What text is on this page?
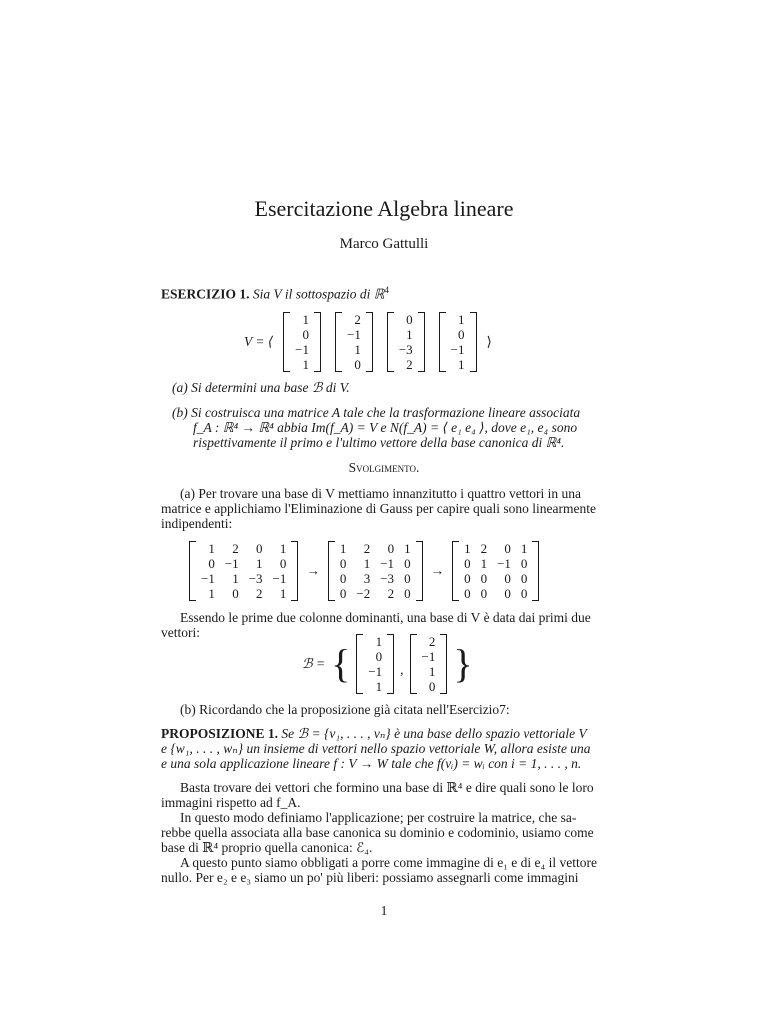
Esercitazione Algebra lineare
Marco Gattulli
ESERCIZIO 1. Sia V il sottospazio di ℝ$^4$
V = ⟨
1
0
−1
1
2
−1
1
0
0
1
−3
2
1
0
−1
1
⟩
(a) Si determini una base ℬ di V.
(b) Si costruisca una matrice A tale che la trasformazione lineare associata
f_A : ℝ⁴ → ℝ⁴ abbia Im(f_A) = V e N(f_A) = ⟨ e₁ e₄ ⟩, dove e₁, e₄ sono
rispettivamente il primo e l'ultimo vettore della base canonica di ℝ⁴.
Svolgimento.
(a) Per trovare una base di V mettiamo innanzitutto i quattro vettori in una
matrice e applichiamo l'Eliminazione di Gauss per capire quali sono linearmente
indipendenti:
1	2	0	1
0	−1	1	0
−1	1	−3	−1
1	0	2	1
→
1	2	0	1
0	1	−1	0
0	3	−3	0
0	−2	2	0
→
1	2	0	1
0	1	−1	0
0	0	0	0
0	0	0	0
Essendo le prime due colonne dominanti, una base di V è data dai primi due
vettori:
ℬ = { 1
0
−1
1
,
2
−1
1
0
}
(b) Ricordando che la proposizione già citata nell'Esercizio7:
PROPOSIZIONE 1. Se ℬ = {v₁, . . . , vₙ} è una base dello spazio vettoriale V
e {w₁, . . . , wₙ} un insieme di vettori nello spazio vettoriale W, allora esiste una
e una sola applicazione lineare f : V → W tale che f(vᵢ) = wᵢ con i = 1, . . . , n.
Basta trovare dei vettori che formino una base di ℝ⁴ e dire quali sono le loro
immagini rispetto ad f_A.
In questo modo definiamo l'applicazione; per costruire la matrice, che sa-
rebbe quella associata alla base canonica su dominio e codominio, usiamo come
base di ℝ⁴ proprio quella canonica: ℰ₄.
A questo punto siamo obbligati a porre come immagine di e₁ e di e₄ il vettore
nullo. Per e₂ e e₃ siamo un po' più liberi: possiamo assegnarli come immagini
1
